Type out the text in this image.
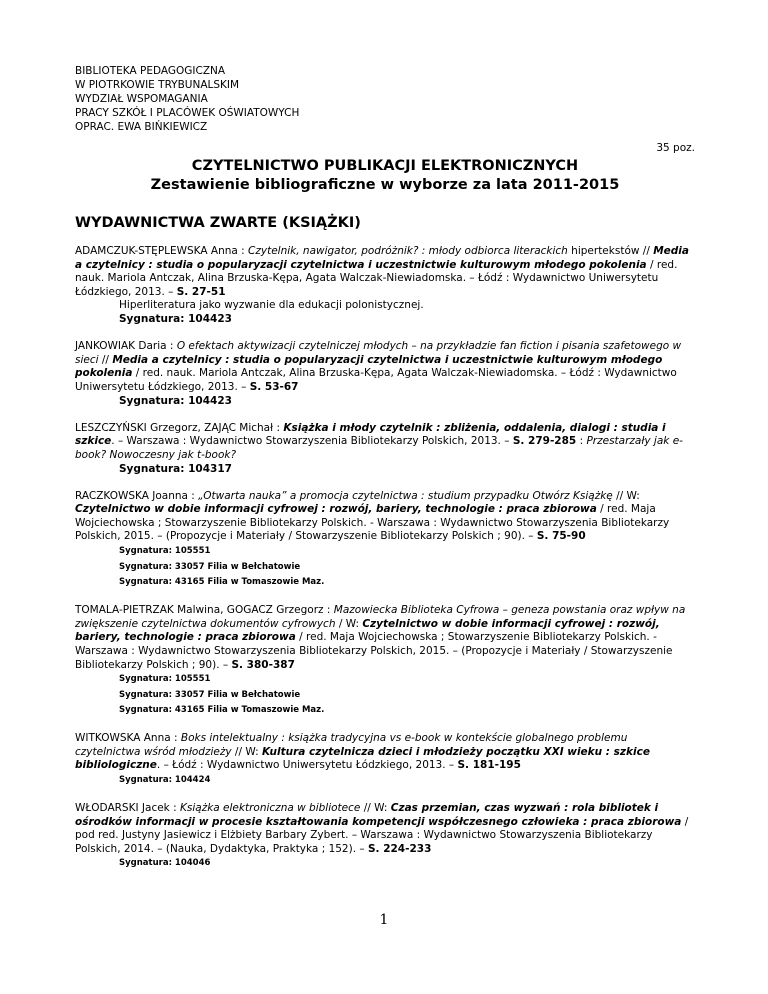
BIBLIOTEKA PEDAGOGICZNA
W PIOTRKOWIE TRYBUNALSKIM
WYDZIAŁ WSPOMAGANIA
PRACY SZKÓŁ I PLACÓWEK OŚWIATOWYCH
OPRAC. EWA BIŃKIEWICZ
35 poz.
CZYTELNICTWO PUBLIKACJI ELEKTRONICZNYCH
Zestawienie bibliograficzne w wyborze za lata 2011-2015
WYDAWNICTWA ZWARTE (KSIĄŻKI)
ADAMCZUK-STĘPLEWSKA Anna : Czytelnik, nawigator, podróżnik? : młody odbiorca literackich hipertekstów // Media a czytelnicy : studia o popularyzacji czytelnictwa i uczestnictwie kulturowym młodego pokolenia / red. nauk. Mariola Antczak, Alina Brzuska-Kępa, Agata Walczak-Niewiadomska. – Łódź : Wydawnictwo Uniwersytetu Łódzkiego, 2013. – S. 27-51
Hiperliteratura jako wyzwanie dla edukacji polonistycznej.
Sygnatura: 104423
JANKOWIAK Daria : O efektach aktywizacji czytelniczej młodych – na przykładzie fan fiction i pisania szafetowego w sieci // Media a czytelnicy : studia o popularyzacji czytelnictwa i uczestnictwie kulturowym młodego pokolenia / red. nauk. Mariola Antczak, Alina Brzuska-Kępa, Agata Walczak-Niewiadomska. – Łódź : Wydawnictwo Uniwersytetu Łódzkiego, 2013. – S. 53-67
Sygnatura: 104423
LESZCZYŃSKI Grzegorz, ZAJĄC Michał : Książka i młody czytelnik : zbliżenia, oddalenia, dialogi : studia i szkice. – Warszawa : Wydawnictwo Stowarzyszenia Bibliotekarzy Polskich, 2013. – S. 279-285 : Przestarzały jak e-book? Nowoczesny jak t-book?
Sygnatura: 104317
RACZKOWSKA Joanna : „Otwarta nauka” a promocja czytelnictwa : studium przypadku Otwórz Książkę // W: Czytelnictwo w dobie informacji cyfrowej : rozwój, bariery, technologie : praca zbiorowa / red. Maja Wojciechowska ; Stowarzyszenie Bibliotekarzy Polskich. - Warszawa : Wydawnictwo Stowarzyszenia Bibliotekarzy Polskich, 2015. – (Propozycje i Materiały / Stowarzyszenie Bibliotekarzy Polskich ; 90). – S. 75-90
Sygnatura: 105551
Sygnatura: 33057 Filia w Bełchatowie
Sygnatura: 43165 Filia w Tomaszowie Maz.
TOMALA-PIETRZAK Malwina, GOGACZ Grzegorz : Mazowiecka Biblioteka Cyfrowa – geneza powstania oraz wpływ na zwiększenie czytelnictwa dokumentów cyfrowych / W: Czytelnictwo w dobie informacji cyfrowej : rozwój, bariery, technologie : praca zbiorowa / red. Maja Wojciechowska ; Stowarzyszenie Bibliotekarzy Polskich. - Warszawa : Wydawnictwo Stowarzyszenia Bibliotekarzy Polskich, 2015. – (Propozycje i Materiały / Stowarzyszenie Bibliotekarzy Polskich ; 90). – S. 380-387
Sygnatura: 105551
Sygnatura: 33057 Filia w Bełchatowie
Sygnatura: 43165 Filia w Tomaszowie Maz.
WITKOWSKA Anna : Boks intelektualny : książka tradycyjna vs e-book w kontekście globalnego problemu czytelnictwa wśród młodzieży // W: Kultura czytelnicza dzieci i młodzieży początku XXI wieku : szkice bibliologiczne. – Łódź : Wydawnictwo Uniwersytetu Łódzkiego, 2013. – S. 181-195
Sygnatura: 104424
WŁODARSKI Jacek : Książka elektroniczna w bibliotece // W: Czas przemian, czas wyzwań : rola bibliotek i ośrodków informacji w procesie kształtowania kompetencji współczesnego człowieka : praca zbiorowa / pod red. Justyny Jasiewicz i Elżbiety Barbary Zybert. – Warszawa : Wydawnictwo Stowarzyszenia Bibliotekarzy Polskich, 2014. – (Nauka, Dydaktyka, Praktyka ; 152). – S. 224-233
Sygnatura: 104046
1
